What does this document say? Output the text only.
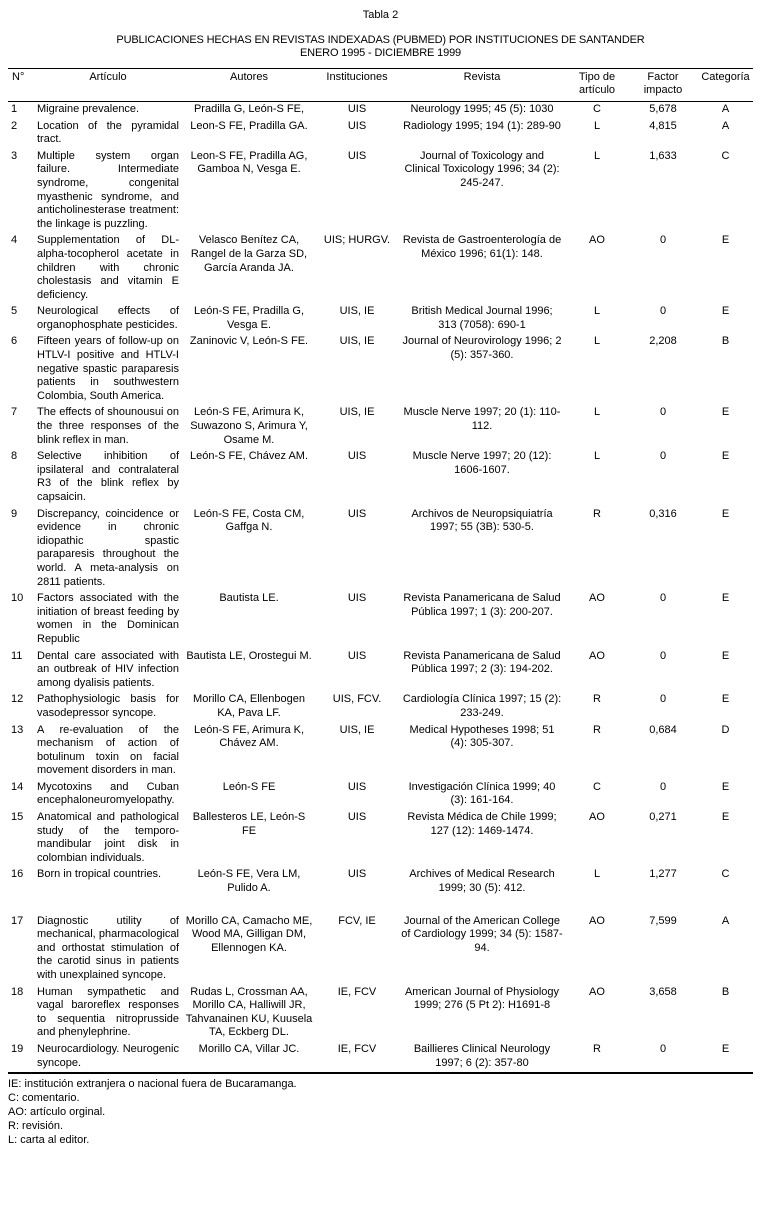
Tabla 2
PUBLICACIONES HECHAS EN REVISTAS INDEXADAS (PUBMED) POR INSTITUCIONES DE SANTANDER
ENERO 1995 - DICIEMBRE 1999
N°	Artículo	Autores	Instituciones	Revista	Tipo de artículo	Factor impacto	Categoría
1	Migraine prevalence.	Pradilla G, León-S FE,	UIS	Neurology 1995; 45 (5): 1030	C	5,678	A
2	Location of the pyramidal tract.	Leon-S FE, Pradilla GA.	UIS	Radiology 1995; 194 (1): 289-90	L	4,815	A
3	Multiple system organ failure. Intermediate syndrome, congenital myasthenic syndrome, and anticholinesterase treatment: the linkage is puzzling.	Leon-S FE, Pradilla AG, Gamboa N, Vesga E.	UIS	Journal of Toxicology and Clinical Toxicology 1996; 34 (2): 245-247.	L	1,633	C
4	Supplementation of DL-alpha-tocopherol acetate in children with chronic cholestasis and vitamin E deficiency.	Velasco Benítez CA, Rangel de la Garza SD, García Aranda JA.	UIS; HURGV.	Revista de Gastroenterología de México 1996; 61(1): 148.	AO	0	E
5	Neurological effects of organophosphate pesticides.	León-S FE, Pradilla G, Vesga E.	UIS, IE	British Medical Journal 1996; 313 (7058): 690-1	L	0	E
6	Fifteen years of follow-up on HTLV-I positive and HTLV-I negative spastic paraparesis patients in southwestern Colombia, South America.	Zaninovic V, León-S FE.	UIS, IE	Journal of Neurovirology 1996; 2 (5): 357-360.	L	2,208	B
7	The effects of shounousui on the three responses of the blink reflex in man.	León-S FE, Arimura K, Suwazono S, Arimura Y, Osame M.	UIS, IE	Muscle Nerve 1997; 20 (1): 110-112.	L	0	E
8	Selective inhibition of ipsilateral and contralateral R3 of the blink reflex by capsaicin.	León-S FE, Chávez AM.	UIS	Muscle Nerve 1997; 20 (12): 1606-1607.	L	0	E
9	Discrepancy, coincidence or evidence in chronic idiopathic spastic paraparesis throughout the world. A meta-analysis on 2811 patients.	León-S FE, Costa CM, Gaffga N.	UIS	Archivos de Neuropsiquiatría 1997; 55 (3B): 530-5.	R	0,316	E
10	Factors associated with the initiation of breast feeding by women in the Dominican Republic	Bautista LE.	UIS	Revista Panamericana de Salud Pública 1997; 1 (3): 200-207.	AO	0	E
11	Dental care associated with an outbreak of HIV infection among dyalisis patients.	Bautista LE, Orostegui M.	UIS	Revista Panamericana de Salud Pública 1997; 2 (3): 194-202.	AO	0	E
12	Pathophysiologic basis for vasodepressor syncope.	Morillo CA, Ellenbogen KA, Pava LF.	UIS, FCV.	Cardiología Clínica 1997; 15 (2): 233-249.	R	0	E
13	A re-evaluation of the mechanism of action of botulinum toxin on facial movement disorders in man.	León-S FE, Arimura K, Chávez AM.	UIS, IE	Medical Hypotheses 1998; 51 (4): 305-307.	R	0,684	D
14	Mycotoxins and Cuban encephaloneuromyelopathy.	León-S FE	UIS	Investigación Clínica 1999; 40 (3): 161-164.	C	0	E
15	Anatomical and pathological study of the temporo-mandibular joint disk in colombian individuals.	Ballesteros LE, León-S FE	UIS	Revista Médica de Chile 1999; 127 (12): 1469-1474.	AO	0,271	E
16	Born in tropical countries.	León-S FE, Vera LM, Pulido A.	UIS	Archives of Medical Research 1999; 30 (5): 412.	L	1,277	C
17	Diagnostic utility of mechanical, pharmacological and orthostat stimulation of the carotid sinus in patients with unexplained syncope.	Morillo CA, Camacho ME, Wood MA, Gilligan DM, Ellennogen KA.	FCV, IE	Journal of the American College of Cardiology 1999; 34 (5): 1587-94.	AO	7,599	A
18	Human sympathetic and vagal baroreflex responses to sequentia nitroprusside and phenylephrine.	Rudas L, Crossman AA, Morillo CA, Halliwill JR, Tahvanainen KU, Kuusela TA, Eckberg DL.	IE, FCV	American Journal of Physiology 1999; 276 (5 Pt 2): H1691-8	AO	3,658	B
19	Neurocardiology. Neurogenic syncope.	Morillo CA, Villar JC.	IE, FCV	Baillieres Clinical Neurology 1997; 6 (2): 357-80	R	0	E
IE: institución extranjera o nacional fuera de Bucaramanga.
C: comentario.
AO: artículo orginal.
R: revisión.
L: carta al editor.
